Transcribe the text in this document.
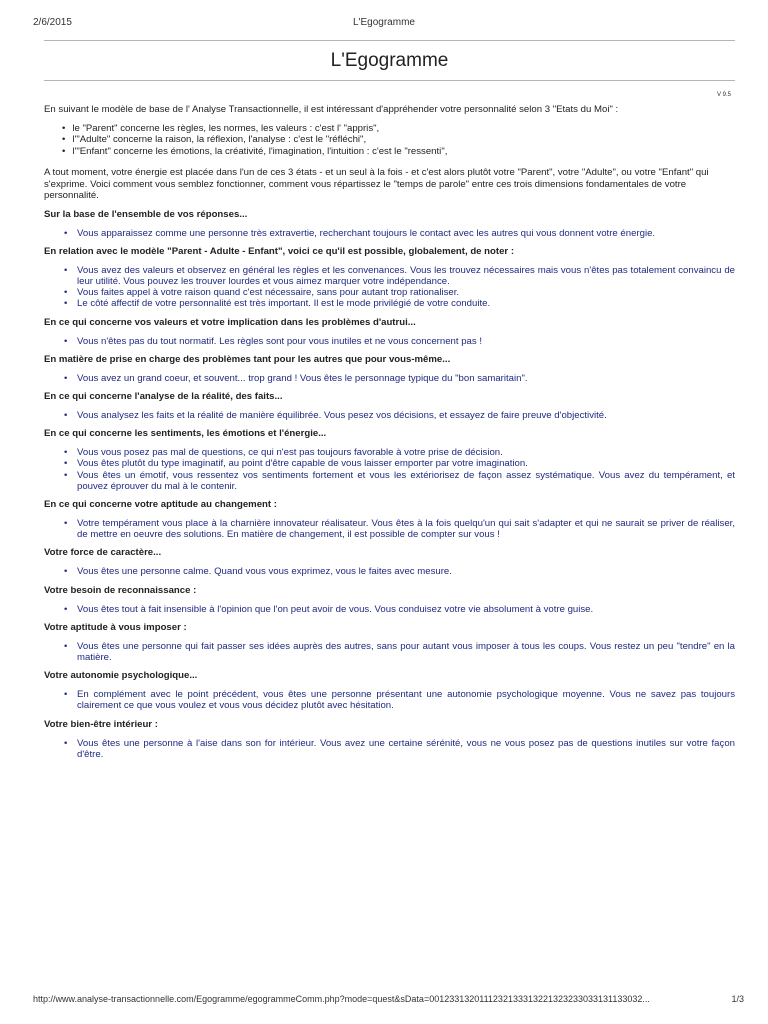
2/6/2015	L'Egogramme
L'Egogramme
V 9.5

En suivant le modèle de base de l' Analyse Transactionnelle, il est intéressant d'appréhender votre personnalité selon 3 "Etats du Moi" :

• le "Parent" concerne les règles, les normes, les valeurs : c'est l' "appris",
• l'"Adulte" concerne la raison, la réflexion, l'analyse : c'est le "réfléchi",
• l'"Enfant" concerne les émotions, la créativité, l'imagination, l'intuition : c'est le "ressenti",

A tout moment, votre énergie est placée dans l'un de ces 3 états - et un seul à la fois - et c'est alors plutôt votre "Parent", votre "Adulte", ou votre "Enfant" qui s'exprime. Voici comment vous semblez fonctionner, comment vous répartissez le "temps de parole" entre ces trois dimensions fondamentales de votre personnalité.

Sur la base de l'ensemble de vos réponses...
• Vous apparaissez comme une personne très extravertie, recherchant toujours le contact avec les autres qui vous donnent votre énergie.
En relation avec le modèle "Parent - Adulte - Enfant", voici ce qu'il est possible, globalement, de noter :
• Vous avez des valeurs et observez en général les règles et les convenances. Vous les trouvez nécessaires mais vous n'êtes pas totalement convaincu de leur utilité. Vous pouvez les trouver lourdes et vous aimez marquer votre indépendance.
• Vous faites appel à votre raison quand c'est nécessaire, sans pour autant trop rationaliser.
• Le côté affectif de votre personnalité est très important. Il est le mode privilégié de votre conduite.
En ce qui concerne vos valeurs et votre implication dans les problèmes d'autrui...
• Vous n'êtes pas du tout normatif. Les règles sont pour vous inutiles et ne vous concernent pas !
En matière de prise en charge des problèmes tant pour les autres que pour vous-même...
• Vous avez un grand coeur, et souvent... trop grand ! Vous êtes le personnage typique du "bon samaritain".
En ce qui concerne l'analyse de la réalité, des faits...
• Vous analysez les faits et la réalité de manière équilibrée. Vous pesez vos décisions, et essayez de faire preuve d'objectivité.
En ce qui concerne les sentiments, les émotions et l'énergie...
• Vous vous posez pas mal de questions, ce qui n'est pas toujours favorable à votre prise de décision.
• Vous êtes plutôt du type imaginatif, au point d'être capable de vous laisser emporter par votre imagination.
• Vous êtes un émotif, vous ressentez vos sentiments fortement et vous les extériorisez de façon assez systématique. Vous avez du tempérament, et pouvez éprouver du mal à le contenir.
En ce qui concerne votre aptitude au changement :
• Votre tempérament vous place à la charnière innovateur réalisateur. Vous êtes à la fois quelqu'un qui sait s'adapter et qui ne saurait se priver de réaliser, de mettre en oeuvre des solutions. En matière de changement, il est possible de compter sur vous !
Votre force de caractère...
• Vous êtes une personne calme. Quand vous vous exprimez, vous le faites avec mesure.
Votre besoin de reconnaissance :
• Vous êtes tout à fait insensible à l'opinion que l'on peut avoir de vous. Vous conduisez votre vie absolument à votre guise.
Votre aptitude à vous imposer :
• Vous êtes une personne qui fait passer ses idées auprès des autres, sans pour autant vous imposer à tous les coups. Vous restez un peu "tendre" en la matière.
Votre autonomie psychologique...
• En complément avec le point précédent, vous êtes une personne présentant une autonomie psychologique moyenne. Vous ne savez pas toujours clairement ce que vous voulez et vous vous décidez plutôt avec hésitation.
Votre bien-être intérieur :
• Vous êtes une personne à l'aise dans son for intérieur. Vous avez une certaine sérénité, vous ne vous posez pas de questions inutiles sur votre façon d'être.
http://www.analyse-transactionnelle.com/Egogramme/egogrammeComm.php?mode=quest&sData=00123313201112321333132213232330331311330​32...	1/3
